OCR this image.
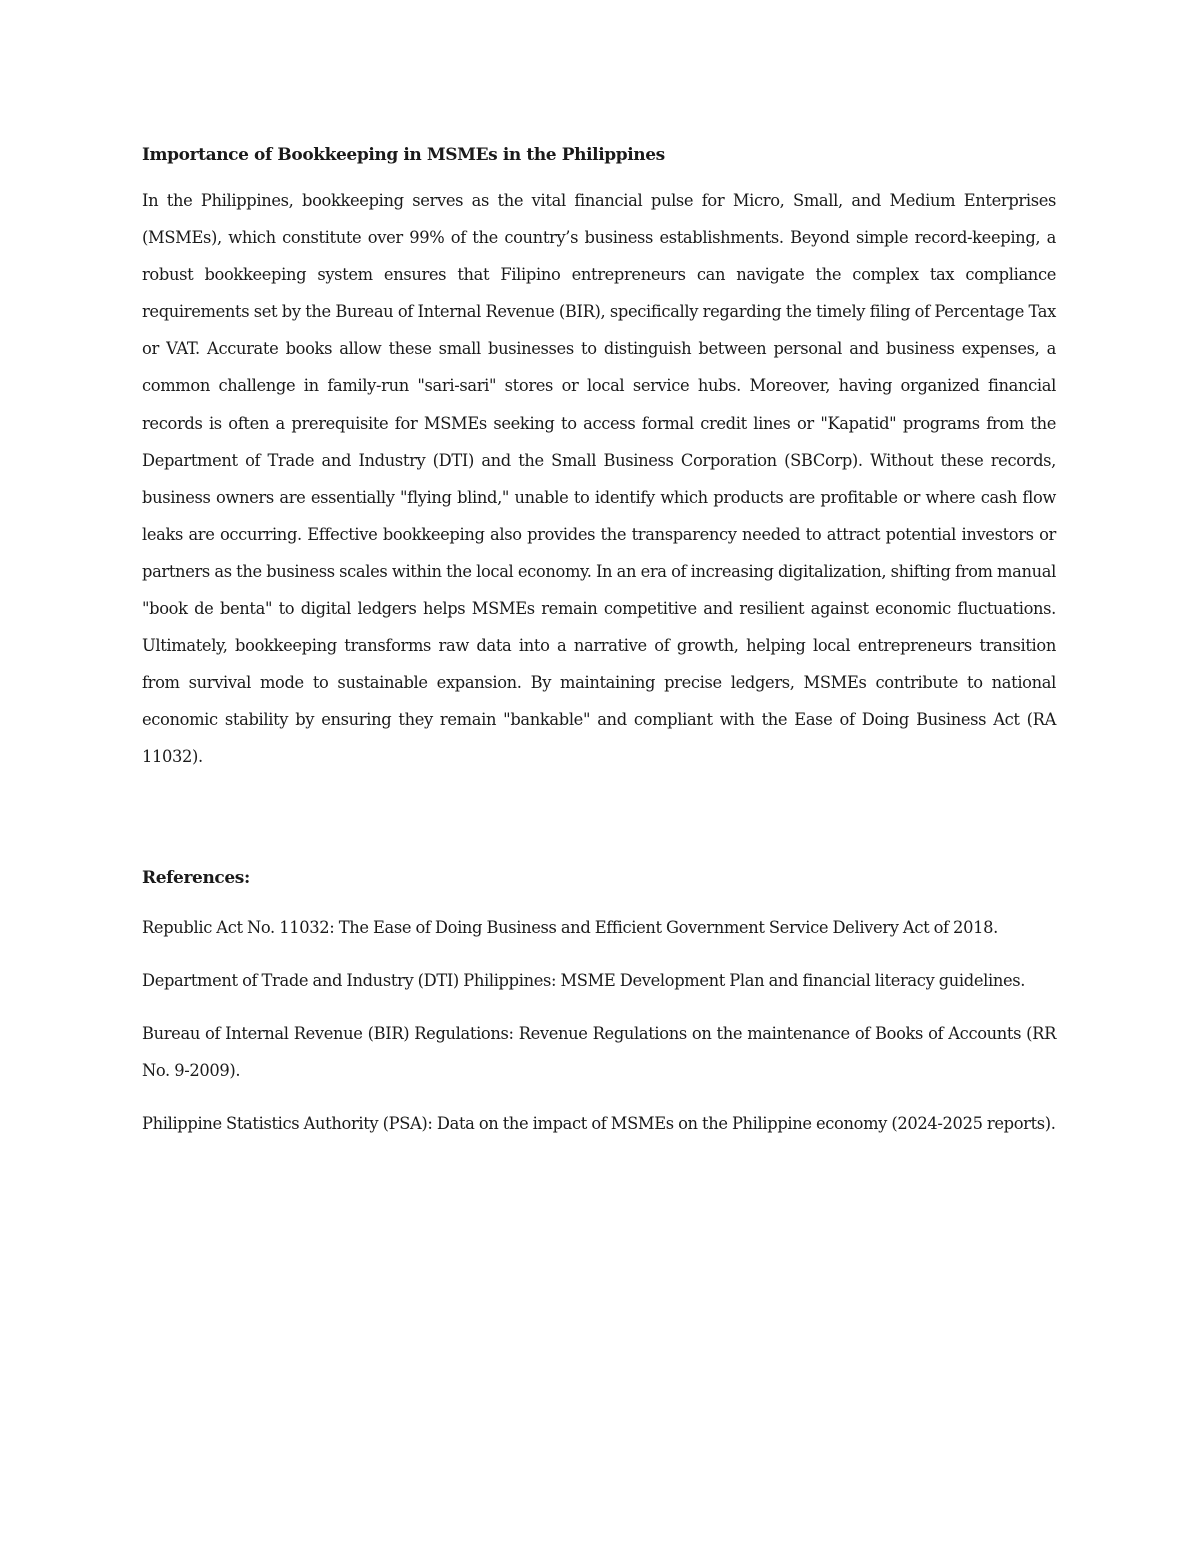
Importance of Bookkeeping in MSMEs in the Philippines

In the Philippines, bookkeeping serves as the vital financial pulse for Micro, Small, and Medium Enterprises (MSMEs), which constitute over 99% of the country’s business establishments. Beyond simple record-keeping, a robust bookkeeping system ensures that Filipino entrepreneurs can navigate the complex tax compliance requirements set by the Bureau of Internal Revenue (BIR), specifically regarding the timely filing of Percentage Tax or VAT. Accurate books allow these small businesses to distinguish between personal and business expenses, a common challenge in family-run "sari-sari" stores or local service hubs. Moreover, having organized financial records is often a prerequisite for MSMEs seeking to access formal credit lines or "Kapatid" programs from the Department of Trade and Industry (DTI) and the Small Business Corporation (SBCorp). Without these records, business owners are essentially "flying blind," unable to identify which products are profitable or where cash flow leaks are occurring. Effective bookkeeping also provides the transparency needed to attract potential investors or partners as the business scales within the local economy. In an era of increasing digitalization, shifting from manual "book de benta" to digital ledgers helps MSMEs remain competitive and resilient against economic fluctuations. Ultimately, bookkeeping transforms raw data into a narrative of growth, helping local entrepreneurs transition from survival mode to sustainable expansion. By maintaining precise ledgers, MSMEs contribute to national economic stability by ensuring they remain "bankable" and compliant with the Ease of Doing Business Act (RA 11032).

References:

Republic Act No. 11032: The Ease of Doing Business and Efficient Government Service Delivery Act of 2018.

Department of Trade and Industry (DTI) Philippines: MSME Development Plan and financial literacy guidelines.

Bureau of Internal Revenue (BIR) Regulations: Revenue Regulations on the maintenance of Books of Accounts (RR No. 9-2009).

Philippine Statistics Authority (PSA): Data on the impact of MSMEs on the Philippine economy (2024-2025 reports).
